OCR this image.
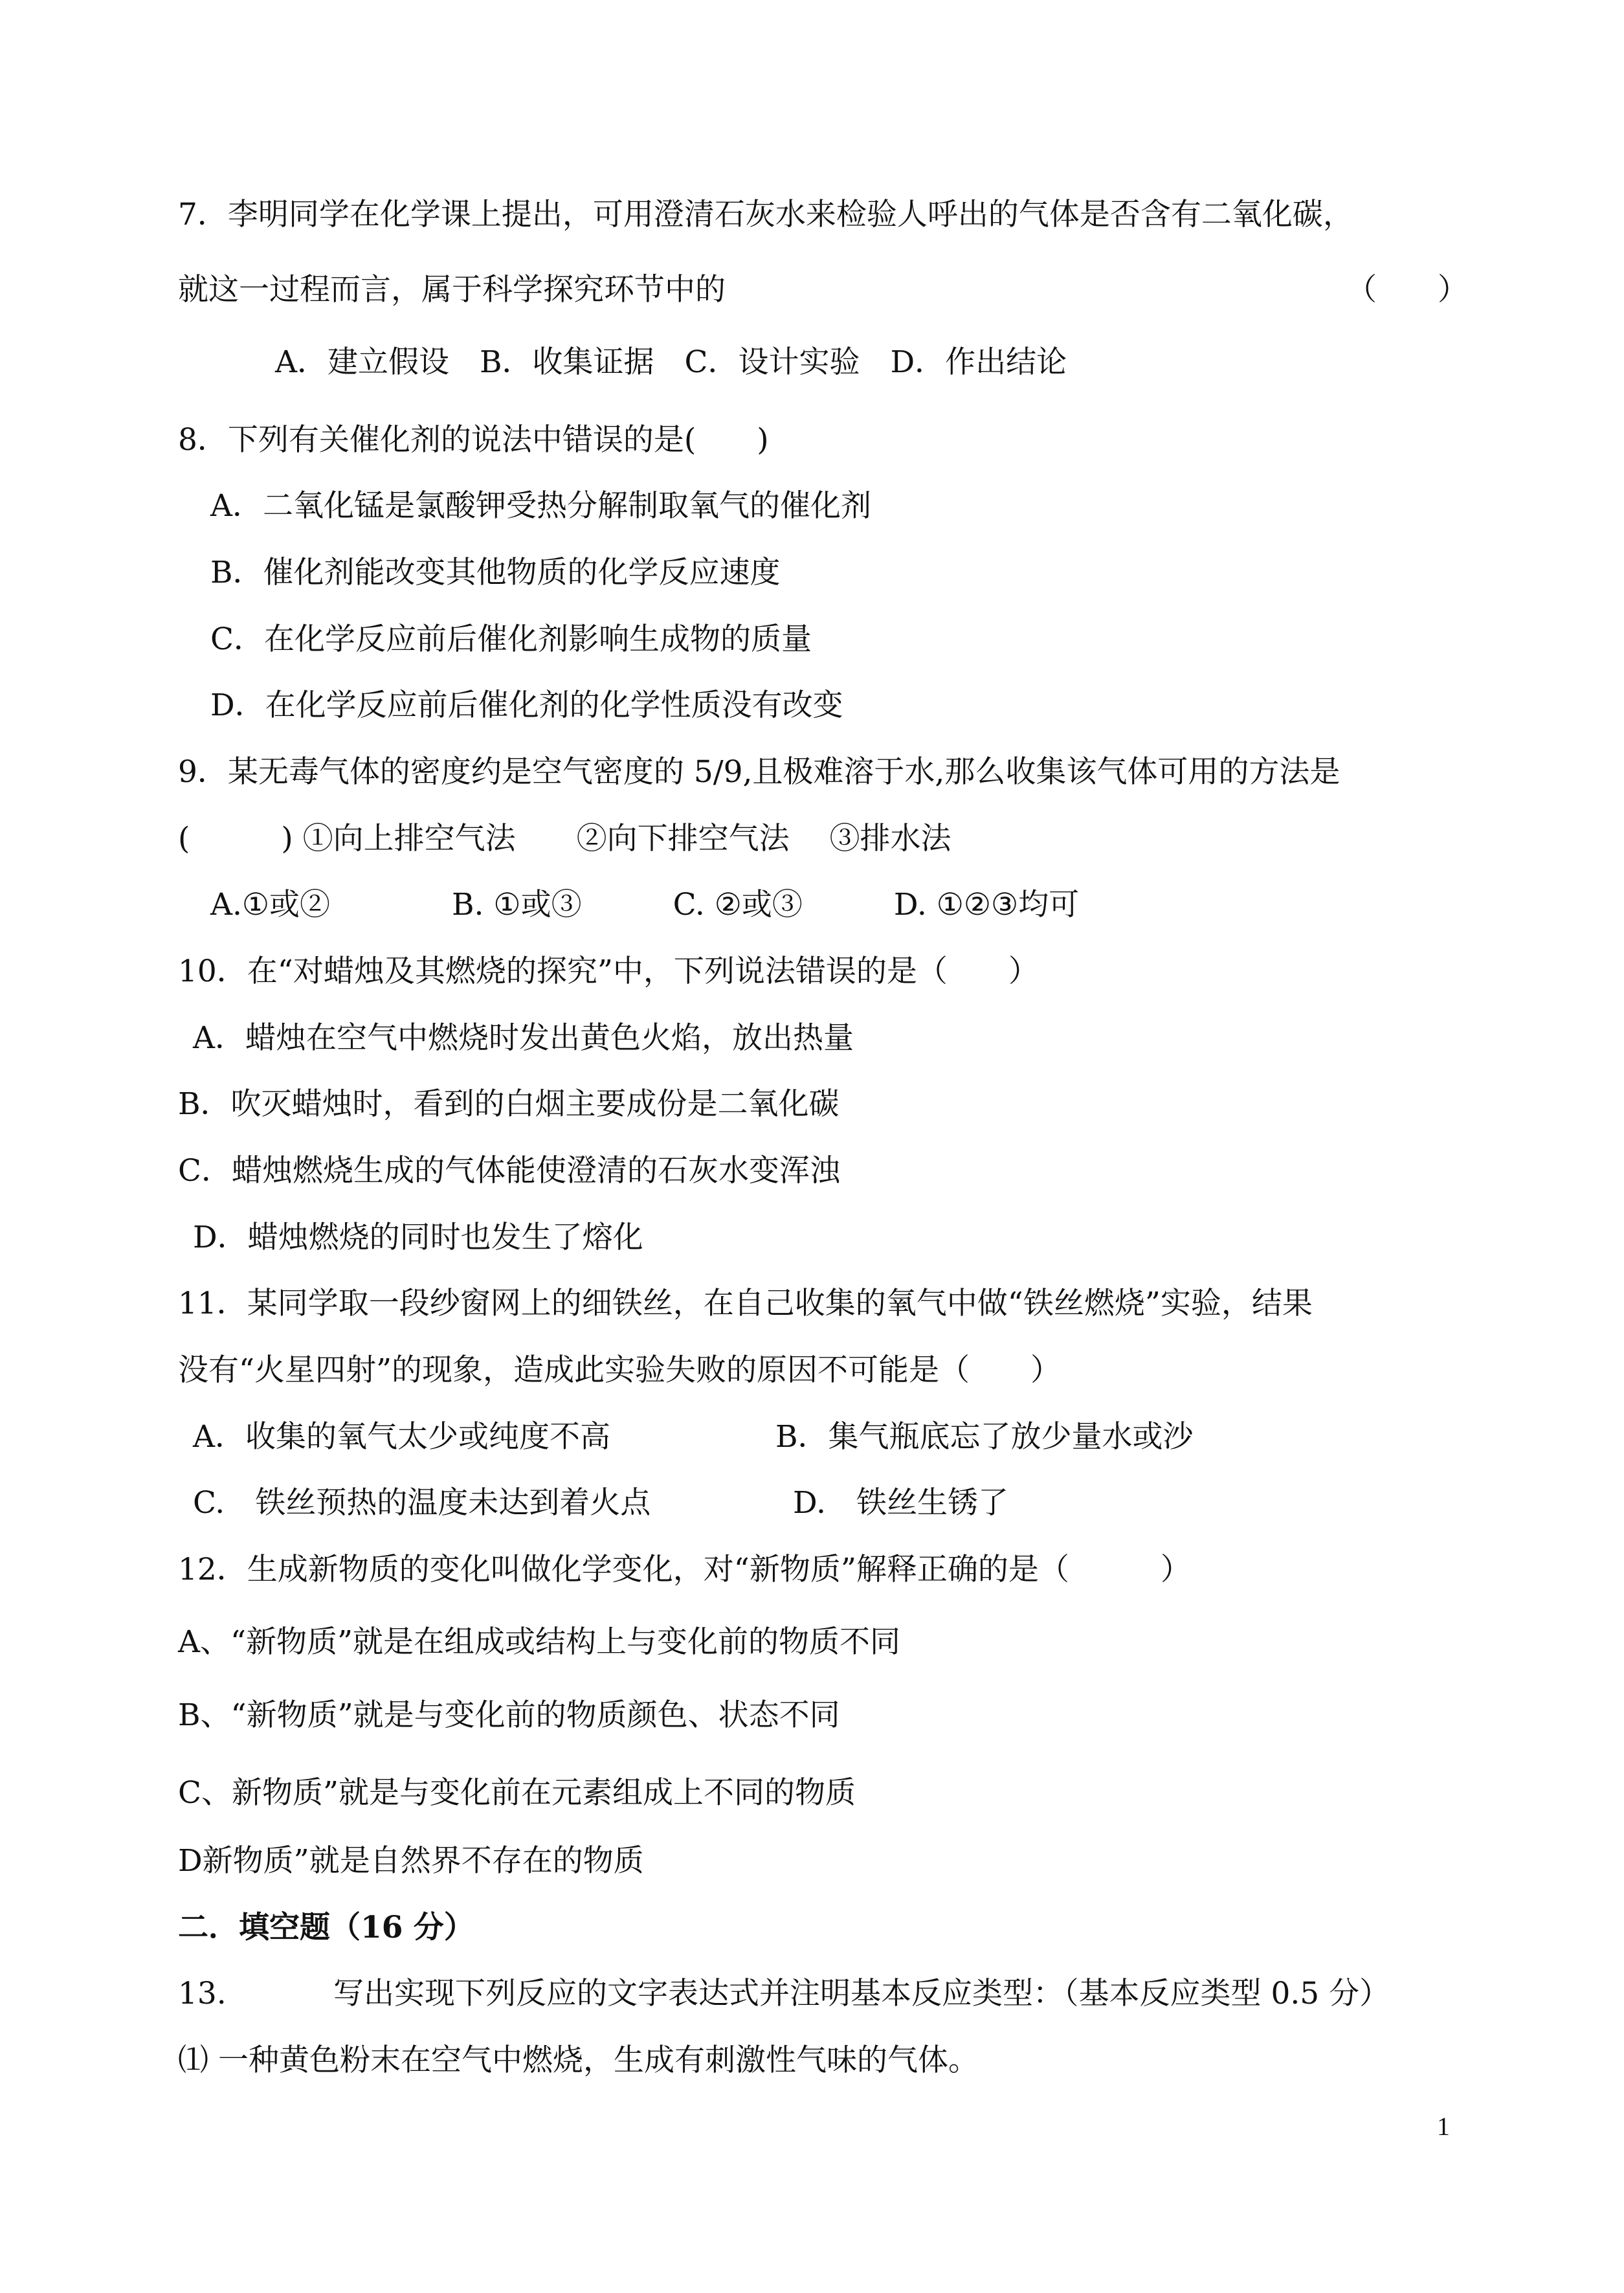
7．李明同学在化学课上提出，可用澄清石灰水来检验人呼出的气体是否含有二氧化碳，
就这一过程而言，属于科学探究环节中的	（　　）
A．建立假设　B．收集证据　C．设计实验　D．作出结论
8．下列有关催化剂的说法中错误的是(　　)
A．二氧化锰是氯酸钾受热分解制取氧气的催化剂
B．催化剂能改变其他物质的化学反应速度
C．在化学反应前后催化剂影响生成物的质量
D．在化学反应前后催化剂的化学性质没有改变
9．某无毒气体的密度约是空气密度的 5/9,且极难溶于水,那么收集该气体可用的方法是
(　　　) ①向上排空气法　　②向下排空气法　 ③排水法
A.①或②　　　　B. ①或③　　　C. ②或③　　　D. ①②③均可
10．在“对蜡烛及其燃烧的探究”中，下列说法错误的是（　　）
A．蜡烛在空气中燃烧时发出黄色火焰，放出热量
B．吹灭蜡烛时，看到的白烟主要成份是二氧化碳
C．蜡烛燃烧生成的气体能使澄清的石灰水变浑浊
D．蜡烛燃烧的同时也发生了熔化
11．某同学取一段纱窗网上的细铁丝，在自己收集的氧气中做“铁丝燃烧”实验，结果
没有“火星四射”的现象，造成此实验失败的原因不可能是（　　）
A．收集的氧气太少或纯度不高	B．集气瓶底忘了放少量水或沙
C.　铁丝预热的温度未达到着火点	D.　铁丝生锈了
12．生成新物质的变化叫做化学变化，对“新物质”解释正确的是（　　　）
A、“新物质”就是在组成或结构上与变化前的物质不同
B、“新物质”就是与变化前的物质颜色、状态不同
C、新物质”就是与变化前在元素组成上不同的物质
D新物质”就是自然界不存在的物质
二．填空题（16 分）
13.	写出实现下列反应的文字表达式并注明基本反应类型：（基本反应类型 0.5 分）
⑴ 一种黄色粉末在空气中燃烧，生成有刺激性气味的气体。
1
